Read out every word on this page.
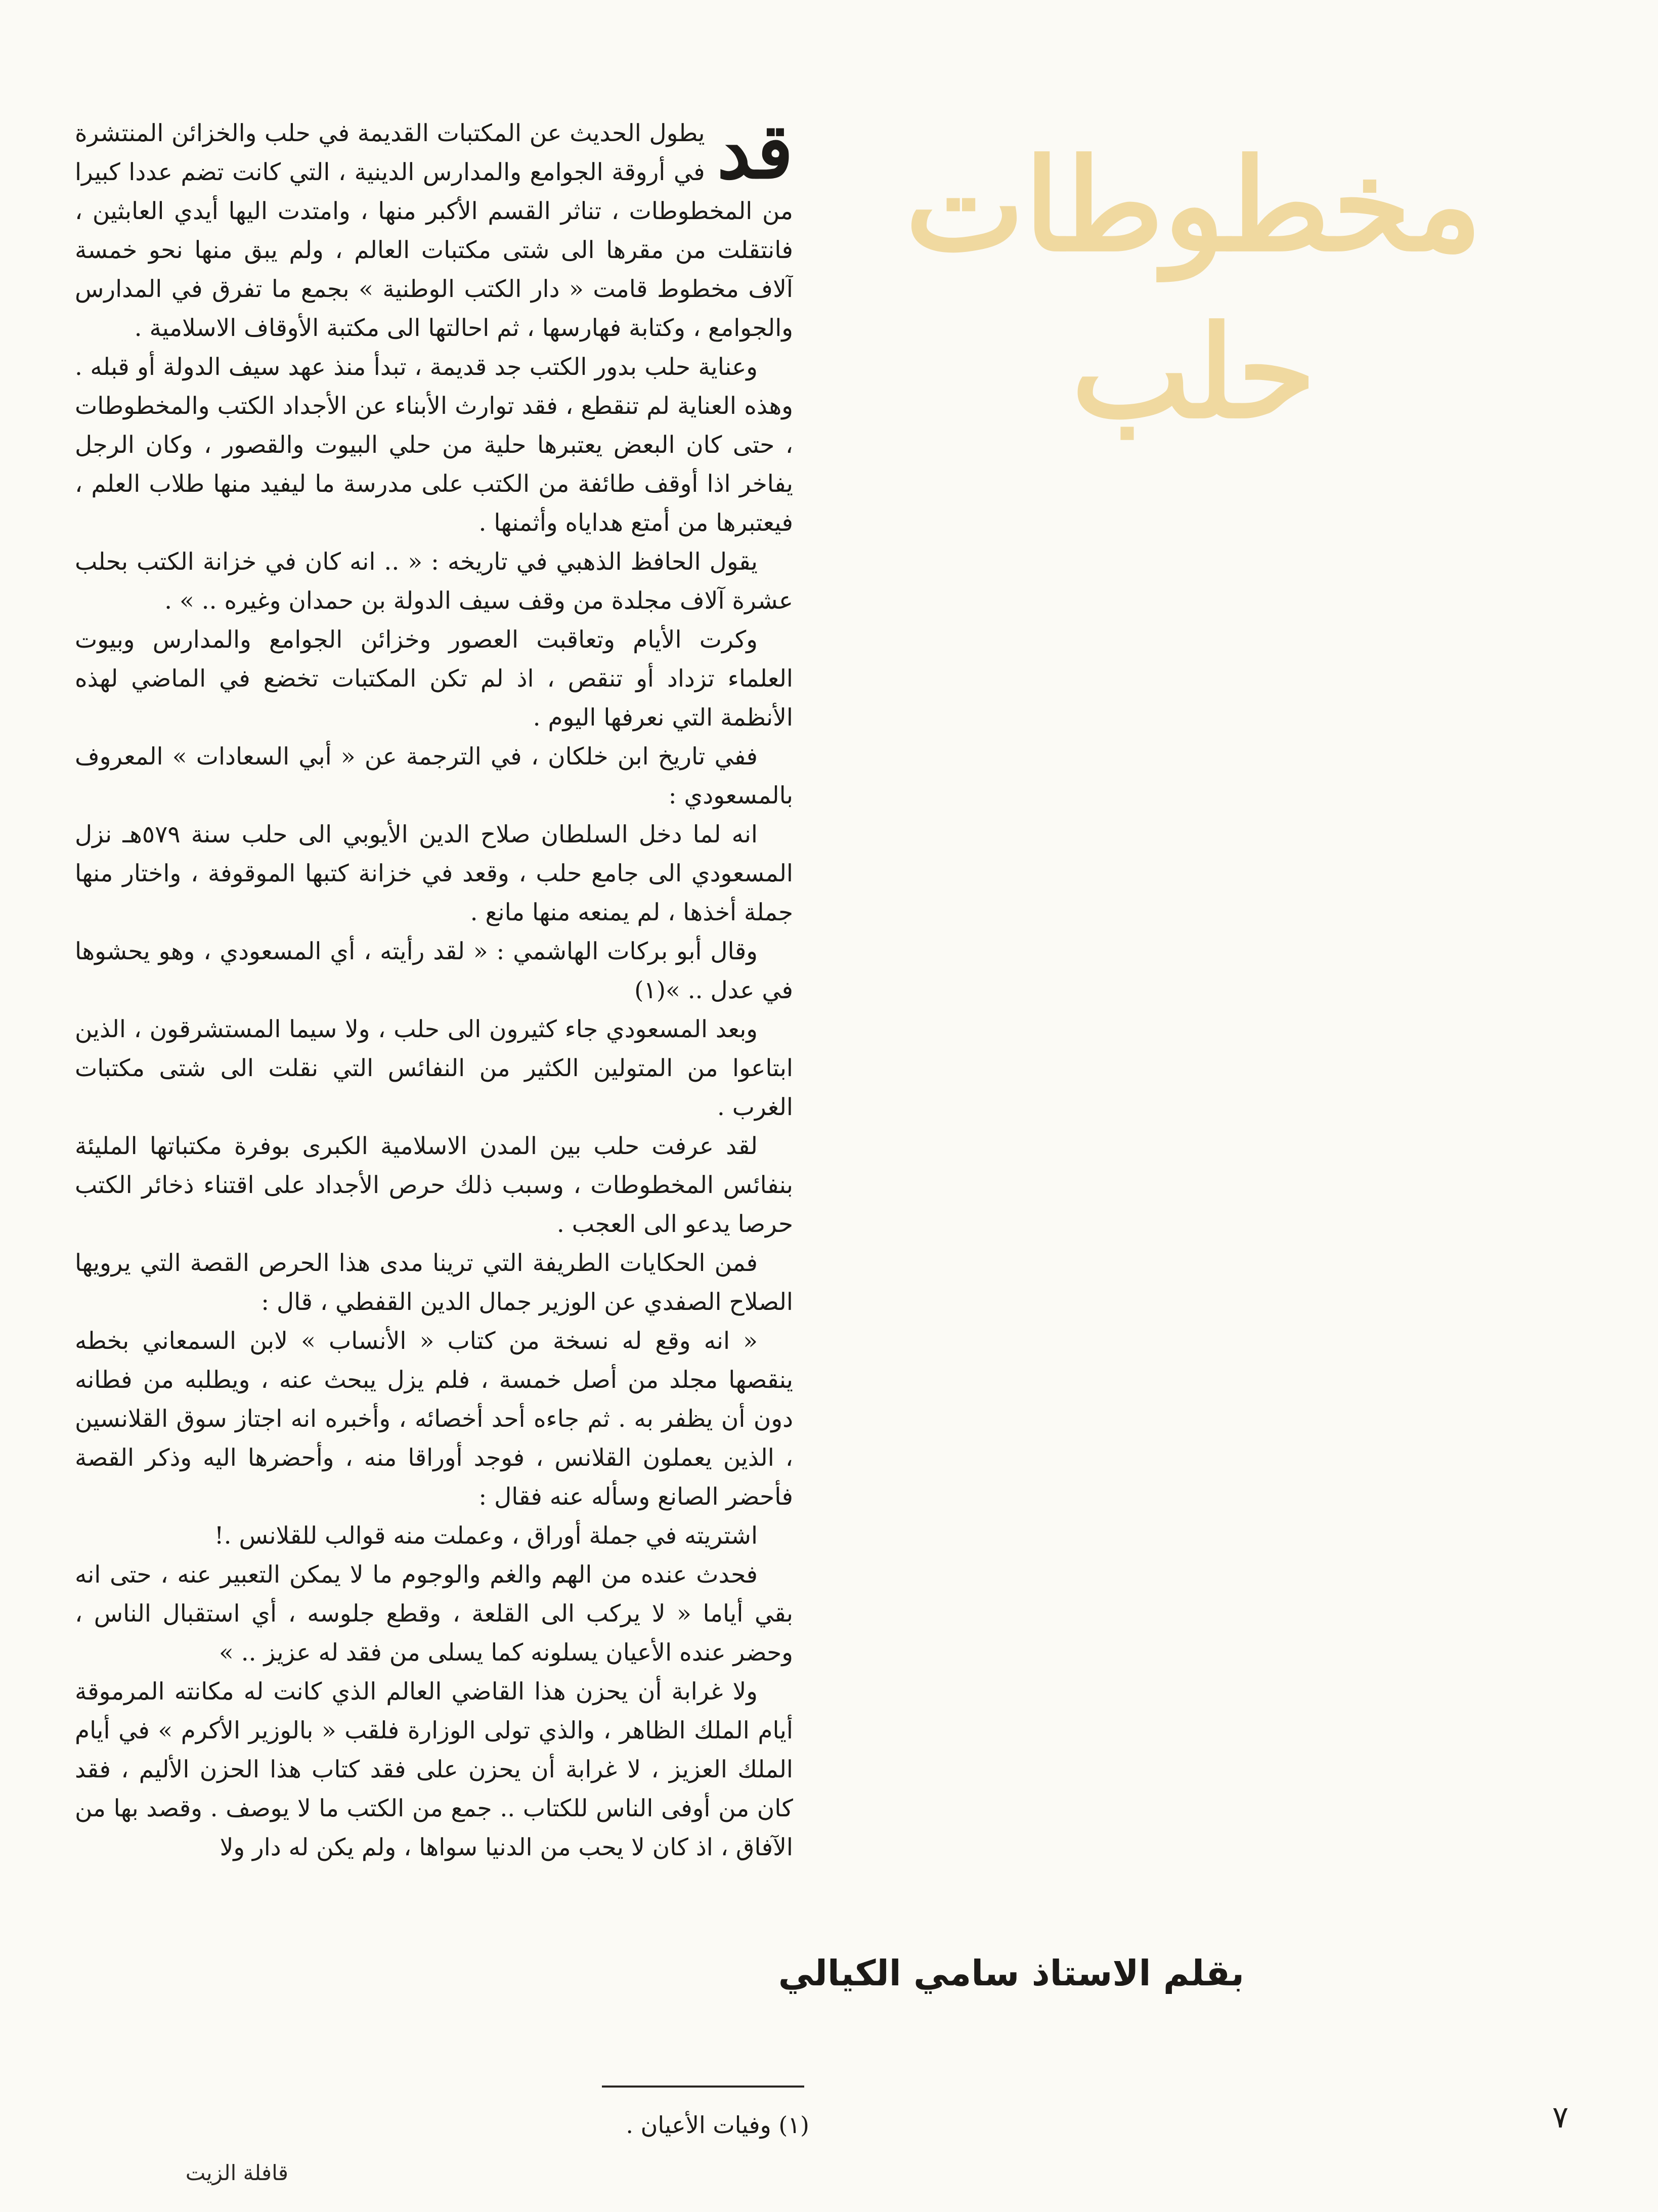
مخطوطات
حلب
بقلم الاستاذ سامي الكيالي

قد
يطول الحديث عن المكتبات القديمة في حلب والخزائن المنتشرة في أروقة الجوامع والمدارس الدينية ، التي كانت تضم عددا كبيرا من المخطوطات ، تناثر القسم الأكبر منها ، وامتدت اليها أيدي العابثين ، فانتقلت من مقرها الى شتى مكتبات العالم ، ولم يبق منها نحو خمسة آلاف مخطوط قامت « دار الكتب الوطنية » بجمع ما تفرق في المدارس والجوامع ، وكتابة فهارسها ، ثم احالتها الى مكتبة الأوقاف الاسلامية .

وعناية حلب بدور الكتب جد قديمة ، تبدأ منذ عهد سيف الدولة أو قبله . وهذه العناية لم تنقطع ، فقد توارث الأبناء عن الأجداد الكتب والمخطوطات ، حتى كان البعض يعتبرها حلية من حلي البيوت والقصور ، وكان الرجل يفاخر اذا أوقف طائفة من الكتب على مدرسة ما ليفيد منها طلاب العلم ، فيعتبرها من أمتع هداياه وأثمنها .

يقول الحافظ الذهبي في تاريخه : « .. انه كان في خزانة الكتب بحلب عشرة آلاف مجلدة من وقف سيف الدولة بن حمدان وغيره .. » .

وكرت الأيام وتعاقبت العصور وخزائن الجوامع والمدارس وبيوت العلماء تزداد أو تنقص ، اذ لم تكن المكتبات تخضع في الماضي لهذه الأنظمة التي نعرفها اليوم .

ففي تاريخ ابن خلكان ، في الترجمة عن « أبي السعادات » المعروف بالمسعودي :

انه لما دخل السلطان صلاح الدين الأيوبي الى حلب سنة ٥٧٩هـ نزل المسعودي الى جامع حلب ، وقعد في خزانة كتبها الموقوفة ، واختار منها جملة أخذها ، لم يمنعه منها مانع .

وقال أبو بركات الهاشمي : « لقد رأيته ، أي المسعودي ، وهو يحشوها في عدل .. »(١)

وبعد المسعودي جاء كثيرون الى حلب ، ولا سيما المستشرقون ، الذين ابتاعوا من المتولين الكثير من النفائس التي نقلت الى شتى مكتبات الغرب .

لقد عرفت حلب بين المدن الاسلامية الكبرى بوفرة مكتباتها المليئة بنفائس المخطوطات ، وسبب ذلك حرص الأجداد على اقتناء ذخائر الكتب حرصا يدعو الى العجب .

فمن الحكايات الطريفة التي ترينا مدى هذا الحرص القصة التي يرويها الصلاح الصفدي عن الوزير جمال الدين القفطي ، قال :

« انه وقع له نسخة من كتاب « الأنساب » لابن السمعاني بخطه ينقصها مجلد من أصل خمسة ، فلم يزل يبحث عنه ، ويطلبه من فطانه دون أن يظفر به . ثم جاءه أحد أخصائه ، وأخبره انه اجتاز سوق القلانسين ، الذين يعملون القلانس ، فوجد أوراقا منه ، وأحضرها اليه وذكر القصة فأحضر الصانع وسأله عنه فقال :

اشتريته في جملة أوراق ، وعملت منه قوالب للقلانس .!

فحدث عنده من الهم والغم والوجوم ما لا يمكن التعبير عنه ، حتى انه بقي أياما « لا يركب الى القلعة ، وقطع جلوسه ، أي استقبال الناس ، وحضر عنده الأعيان يسلونه كما يسلى من فقد له عزيز .. »

ولا غرابة أن يحزن هذا القاضي العالم الذي كانت له مكانته المرموقة أيام الملك الظاهر ، والذي تولى الوزارة فلقب « بالوزير الأكرم » في أيام الملك العزيز ، لا غرابة أن يحزن على فقد كتاب هذا الحزن الأليم ، فقد كان من أوفى الناس للكتاب .. جمع من الكتب ما لا يوصف . وقصد بها من الآفاق ، اذ كان لا يحب من الدنيا سواها ، ولم يكن له دار ولا

(١) وفيات الأعيان .	٧
قافلة الزيت
